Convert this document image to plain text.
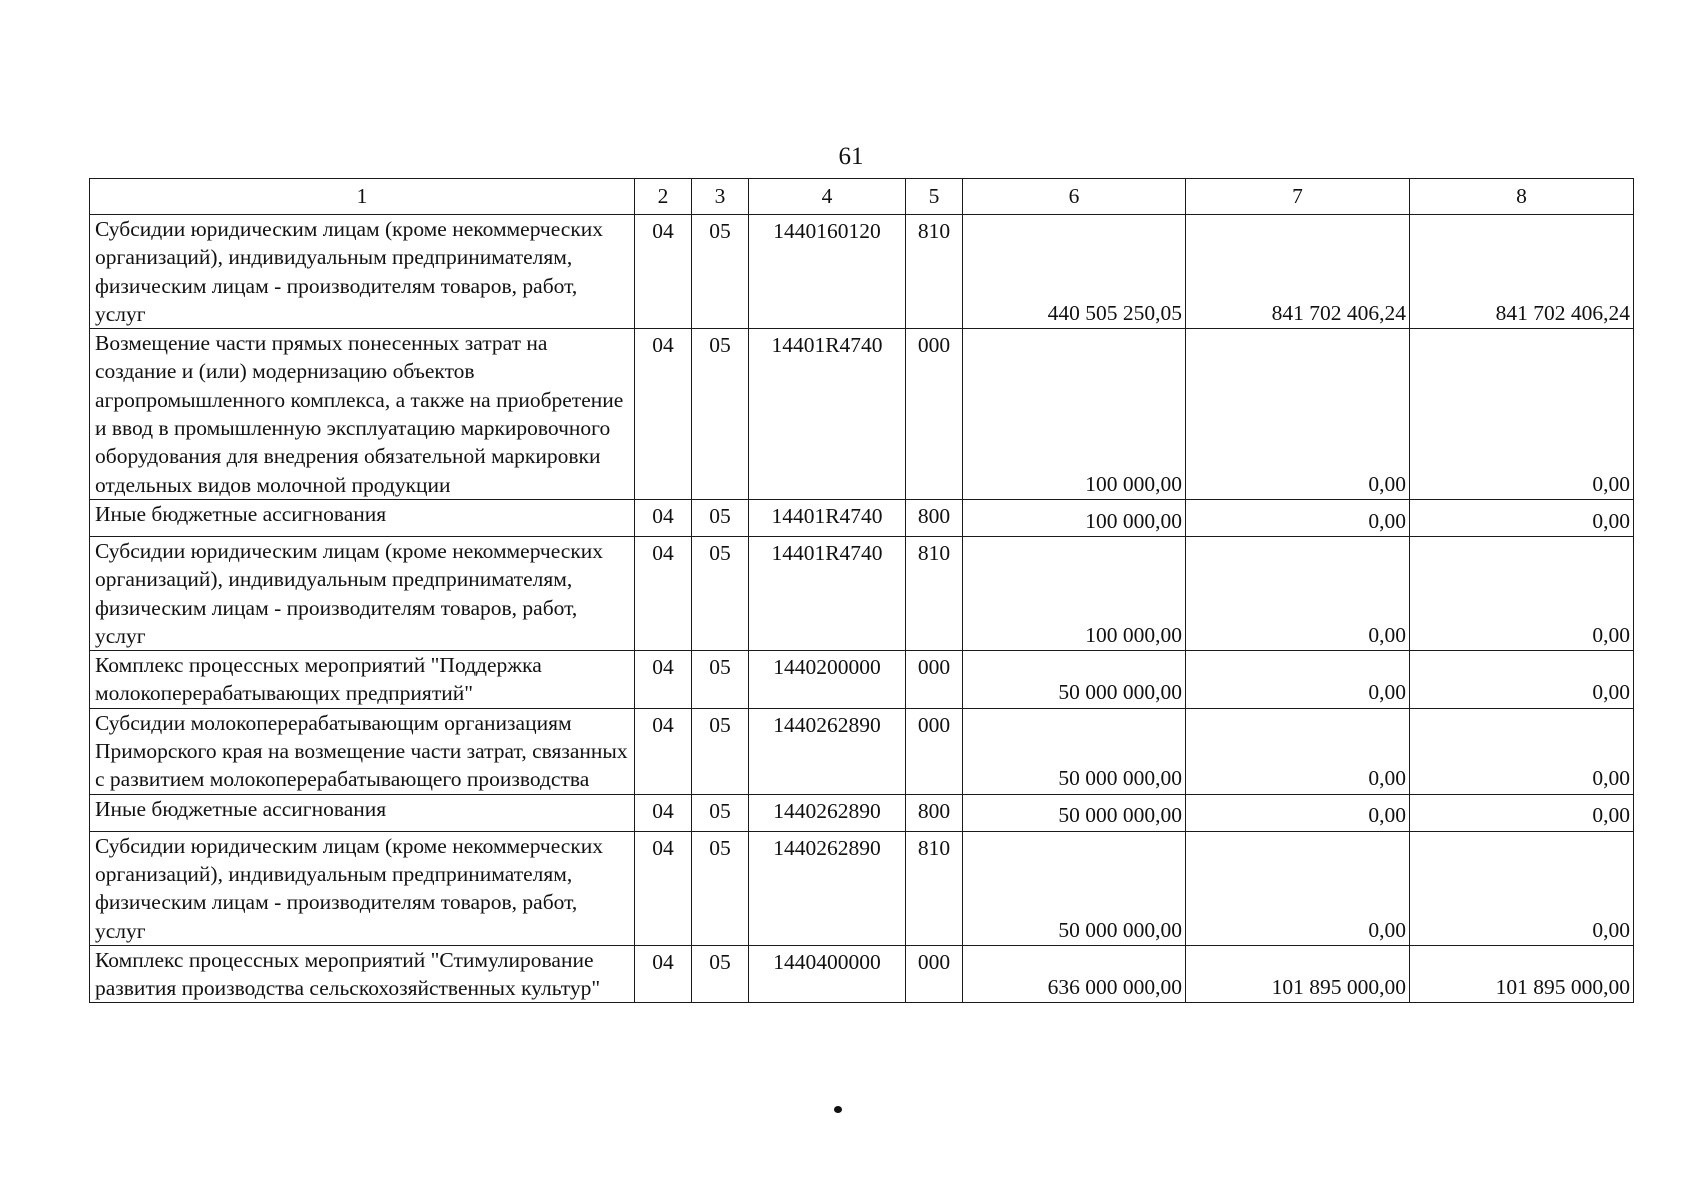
61
1	2	3	4	5	6	7	8
Субсидии юридическим лицам (кроме некоммерческих организаций), индивидуальным предпринимателям, физическим лицам - производителям товаров, работ, услуг	04	05	1440160120	810	440 505 250,05	841 702 406,24	841 702 406,24
Возмещение части прямых понесенных затрат на создание и (или) модернизацию объектов агропромышленного комплекса, а также на приобретение и ввод в промышленную эксплуатацию маркировочного оборудования для внедрения обязательной маркировки отдельных видов молочной продукции	04	05	14401R4740	000	100 000,00	0,00	0,00
Иные бюджетные ассигнования	04	05	14401R4740	800	100 000,00	0,00	0,00
Субсидии юридическим лицам (кроме некоммерческих организаций), индивидуальным предпринимателям, физическим лицам - производителям товаров, работ, услуг	04	05	14401R4740	810	100 000,00	0,00	0,00
Комплекс процессных мероприятий "Поддержка молокоперерабатывающих предприятий"	04	05	1440200000	000	50 000 000,00	0,00	0,00
Субсидии молокоперерабатывающим организациям Приморского края на возмещение части затрат, связанных с развитием молокоперерабатывающего производства	04	05	1440262890	000	50 000 000,00	0,00	0,00
Иные бюджетные ассигнования	04	05	1440262890	800	50 000 000,00	0,00	0,00
Субсидии юридическим лицам (кроме некоммерческих организаций), индивидуальным предпринимателям, физическим лицам - производителям товаров, работ, услуг	04	05	1440262890	810	50 000 000,00	0,00	0,00
Комплекс процессных мероприятий "Стимулирование развития производства сельскохозяйственных культур"	04	05	1440400000	000	636 000 000,00	101 895 000,00	101 895 000,00
